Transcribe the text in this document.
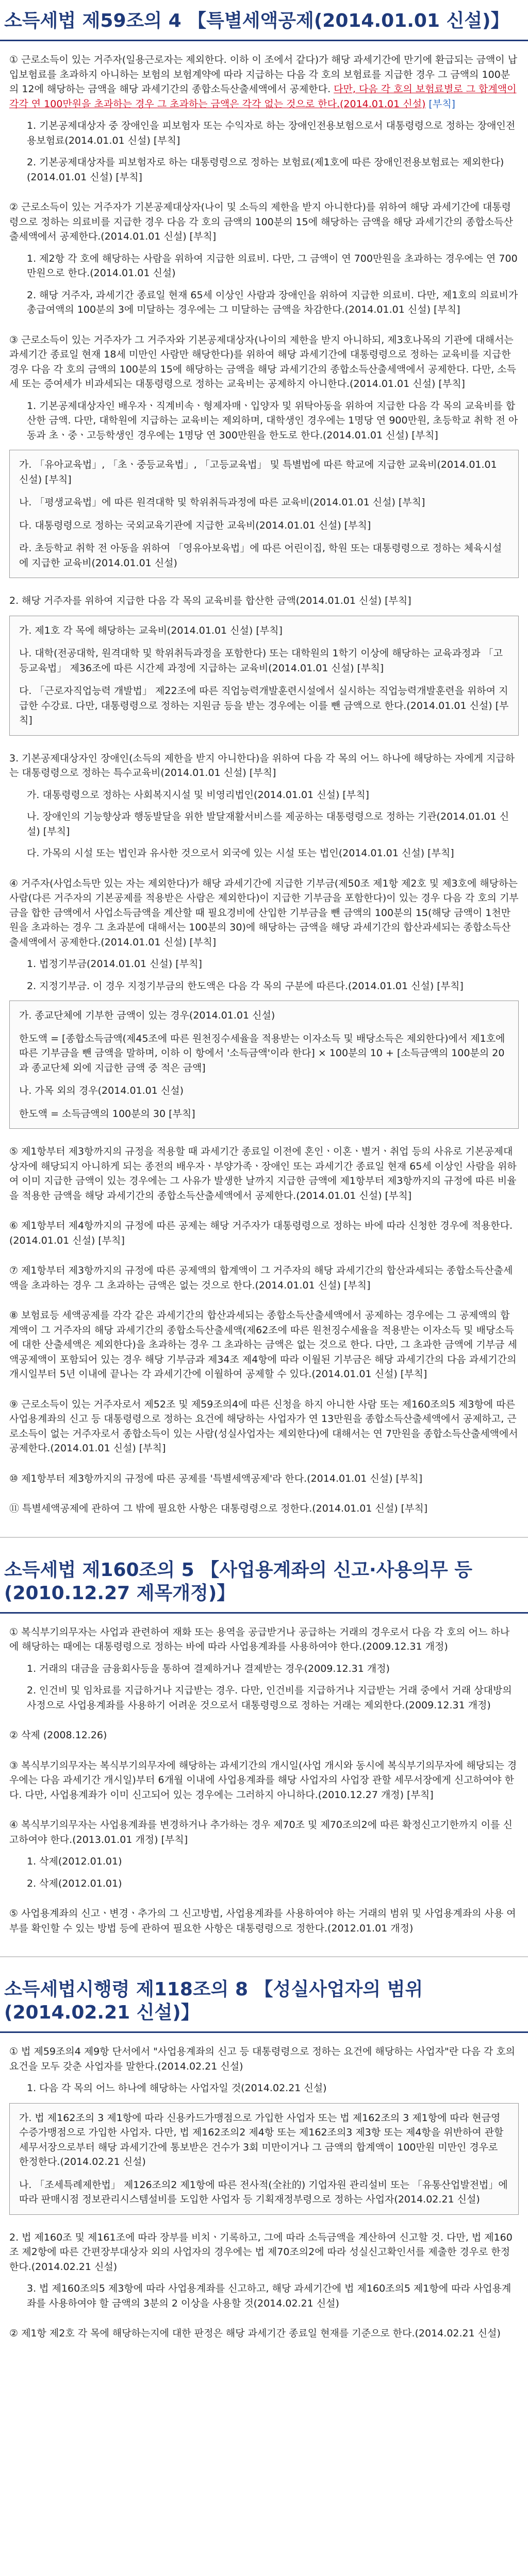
소득세법 제59조의 4 【특별세액공제(2014.01.01 신설)】
① 근로소득이 있는 거주자(일용근로자는 제외한다. 이하 이 조에서 같다)가 해당 과세기간에 만기에 환급되는 금액이 납입보험료를 초과하지 아니하는 보험의 보험계약에 따라 지급하는 다음 각 호의 보험료를 지급한 경우 그 금액의 100분의 12에 해당하는 금액을 해당 과세기간의 종합소득산출세액에서 공제한다. 다만, 다음 각 호의 보험료별로 그 합계액이 각각 연 100만원을 초과하는 경우 그 초과하는 금액은 각각 없는 것으로 한다.(2014.01.01 신설) [부칙]
1. 기본공제대상자 중 장애인을 피보험자 또는 수익자로 하는 장애인전용보험으로서 대통령령으로 정하는 장애인전용보험료(2014.01.01 신설) [부칙]
2. 기본공제대상자를 피보험자로 하는 대통령령으로 정하는 보험료(제1호에 따른 장애인전용보험료는 제외한다)(2014.01.01 신설) [부칙]
② 근로소득이 있는 거주자가 기본공제대상자(나이 및 소득의 제한을 받지 아니한다)를 위하여 해당 과세기간에 대통령령으로 정하는 의료비를 지급한 경우 다음 각 호의 금액의 100분의 15에 해당하는 금액을 해당 과세기간의 종합소득산출세액에서 공제한다.(2014.01.01 신설) [부칙]
1. 제2항 각 호에 해당하는 사람을 위하여 지급한 의료비. 다만, 그 금액이 연 700만원을 초과하는 경우에는 연 700만원으로 한다.(2014.01.01 신설)
2. 해당 거주자, 과세기간 종료일 현재 65세 이상인 사람과 장애인을 위하여 지급한 의료비. 다만, 제1호의 의료비가 총급여액의 100분의 3에 미달하는 경우에는 그 미달하는 금액을 차감한다.(2014.01.01 신설) [부칙]
③ 근로소득이 있는 거주자가 그 거주자와 기본공제대상자(나이의 제한을 받지 아니하되, 제3호나목의 기관에 대해서는 과세기간 종료일 현재 18세 미만인 사람만 해당한다)를 위하여 해당 과세기간에 대통령령으로 정하는 교육비를 지급한 경우 다음 각 호의 금액의 100분의 15에 해당하는 금액을 해당 과세기간의 종합소득산출세액에서 공제한다. 다만, 소득세 또는 증여세가 비과세되는 대통령령으로 정하는 교육비는 공제하지 아니한다.(2014.01.01 신설) [부칙]
1. 기본공제대상자인 배우자ㆍ직계비속ㆍ형제자매ㆍ입양자 및 위탁아동을 위하여 지급한 다음 각 목의 교육비를 합산한 금액. 다만, 대학원에 지급하는 교육비는 제외하며, 대학생인 경우에는 1명당 연 900만원, 초등학교 취학 전 아동과 초ㆍ중ㆍ고등학생인 경우에는 1명당 연 300만원을 한도로 한다.(2014.01.01 신설) [부칙]
가. 「유아교육법」, 「초ㆍ중등교육법」, 「고등교육법」 및 특별법에 따른 학교에 지급한 교육비(2014.01.01 신설) [부칙]
나. 「평생교육법」에 따른 원격대학 및 학위취득과정에 따른 교육비(2014.01.01 신설) [부칙]
다. 대통령령으로 정하는 국외교육기관에 지급한 교육비(2014.01.01 신설) [부칙]
라. 초등학교 취학 전 아동을 위하여 「영유아보육법」에 따른 어린이집, 학원 또는 대통령령으로 정하는 체육시설에 지급한 교육비(2014.01.01 신설)
2. 해당 거주자를 위하여 지급한 다음 각 목의 교육비를 합산한 금액(2014.01.01 신설) [부칙]
가. 제1호 각 목에 해당하는 교육비(2014.01.01 신설) [부칙]
나. 대학(전공대학, 원격대학 및 학위취득과정을 포함한다) 또는 대학원의 1학기 이상에 해당하는 교육과정과 「고등교육법」 제36조에 따른 시간제 과정에 지급하는 교육비(2014.01.01 신설) [부칙]
다. 「근로자직업능력 개발법」 제22조에 따른 직업능력개발훈련시설에서 실시하는 직업능력개발훈련을 위하여 지급한 수강료. 다만, 대통령령으로 정하는 지원금 등을 받는 경우에는 이를 뺀 금액으로 한다.(2014.01.01 신설) [부칙]
3. 기본공제대상자인 장애인(소득의 제한을 받지 아니한다)을 위하여 다음 각 목의 어느 하나에 해당하는 자에게 지급하는 대통령령으로 정하는 특수교육비(2014.01.01 신설) [부칙]
가. 대통령령으로 정하는 사회복지시설 및 비영리법인(2014.01.01 신설) [부칙]
나. 장애인의 기능향상과 행동발달을 위한 발달재활서비스를 제공하는 대통령령으로 정하는 기관(2014.01.01 신설) [부칙]
다. 가목의 시설 또는 법인과 유사한 것으로서 외국에 있는 시설 또는 법인(2014.01.01 신설) [부칙]
④ 거주자(사업소득만 있는 자는 제외한다)가 해당 과세기간에 지급한 기부금(제50조 제1항 제2호 및 제3호에 해당하는 사람(다른 거주자의 기본공제를 적용받은 사람은 제외한다)이 지급한 기부금을 포함한다)이 있는 경우 다음 각 호의 기부금을 합한 금액에서 사업소득금액을 계산할 때 필요경비에 산입한 기부금을 뺀 금액의 100분의 15(해당 금액이 1천만원을 초과하는 경우 그 초과분에 대해서는 100분의 30)에 해당하는 금액을 해당 과세기간의 합산과세되는 종합소득산출세액에서 공제한다.(2014.01.01 신설) [부칙]
1. 법정기부금(2014.01.01 신설) [부칙]
2. 지정기부금. 이 경우 지정기부금의 한도액은 다음 각 목의 구분에 따른다.(2014.01.01 신설) [부칙]
가. 종교단체에 기부한 금액이 있는 경우(2014.01.01 신설)
한도액 = [종합소득금액(제45조에 따른 원천징수세율을 적용받는 이자소득 및 배당소득은 제외한다)에서 제1호에 따른 기부금을 뺀 금액을 말하며, 이하 이 항에서 '소득금액'이라 한다] × 100분의 10 + [소득금액의 100분의 20과 종교단체 외에 지급한 금액 중 적은 금액]
나. 가목 외의 경우(2014.01.01 신설)
한도액 = 소득금액의 100분의 30 [부칙]
⑤ 제1항부터 제3항까지의 규정을 적용할 때 과세기간 종료일 이전에 혼인ㆍ이혼ㆍ별거ㆍ취업 등의 사유로 기본공제대상자에 해당되지 아니하게 되는 종전의 배우자ㆍ부양가족ㆍ장애인 또는 과세기간 종료일 현재 65세 이상인 사람을 위하여 이미 지급한 금액이 있는 경우에는 그 사유가 발생한 날까지 지급한 금액에 제1항부터 제3항까지의 규정에 따른 비율을 적용한 금액을 해당 과세기간의 종합소득산출세액에서 공제한다.(2014.01.01 신설) [부칙]
⑥ 제1항부터 제4항까지의 규정에 따른 공제는 해당 거주자가 대통령령으로 정하는 바에 따라 신청한 경우에 적용한다.(2014.01.01 신설) [부칙]
⑦ 제1항부터 제3항까지의 규정에 따른 공제액의 합계액이 그 거주자의 해당 과세기간의 합산과세되는 종합소득산출세액을 초과하는 경우 그 초과하는 금액은 없는 것으로 한다.(2014.01.01 신설) [부칙]
⑧ 보험료등 세액공제를 각각 같은 과세기간의 합산과세되는 종합소득산출세액에서 공제하는 경우에는 그 공제액의 합계액이 그 거주자의 해당 과세기간의 종합소득산출세액(제62조에 따른 원천징수세율을 적용받는 이자소득 및 배당소득에 대한 산출세액은 제외한다)을 초과하는 경우 그 초과하는 금액은 없는 것으로 한다. 다만, 그 초과한 금액에 기부금 세액공제액이 포함되어 있는 경우 해당 기부금과 제34조 제4항에 따라 이월된 기부금은 해당 과세기간의 다음 과세기간의 개시일부터 5년 이내에 끝나는 각 과세기간에 이월하여 공제할 수 있다.(2014.01.01 신설) [부칙]
⑨ 근로소득이 있는 거주자로서 제52조 및 제59조의4에 따른 신청을 하지 아니한 사람 또는 제160조의5 제3항에 따른 사업용계좌의 신고 등 대통령령으로 정하는 요건에 해당하는 사업자가 연 13만원을 종합소득산출세액에서 공제하고, 근로소득이 없는 거주자로서 종합소득이 있는 사람(성실사업자는 제외한다)에 대해서는 연 7만원을 종합소득산출세액에서 공제한다.(2014.01.01 신설) [부칙]
⑩ 제1항부터 제3항까지의 규정에 따른 공제를 '특별세액공제'라 한다.(2014.01.01 신설) [부칙]
⑪ 특별세액공제에 관하여 그 밖에 필요한 사항은 대통령령으로 정한다.(2014.01.01 신설) [부칙]
소득세법 제160조의 5 【사업용계좌의 신고·사용의무 등(2010.12.27 제목개정)】
① 복식부기의무자는 사업과 관련하여 재화 또는 용역을 공급받거나 공급하는 거래의 경우로서 다음 각 호의 어느 하나에 해당하는 때에는 대통령령으로 정하는 바에 따라 사업용계좌를 사용하여야 한다.(2009.12.31 개정)
1. 거래의 대금을 금융회사등을 통하여 결제하거나 결제받는 경우(2009.12.31 개정)
2. 인건비 및 임차료를 지급하거나 지급받는 경우. 다만, 인건비를 지급하거나 지급받는 거래 중에서 거래 상대방의 사정으로 사업용계좌를 사용하기 어려운 것으로서 대통령령으로 정하는 거래는 제외한다.(2009.12.31 개정)
② 삭제 (2008.12.26)
③ 복식부기의무자는 복식부기의무자에 해당하는 과세기간의 개시일(사업 개시와 동시에 복식부기의무자에 해당되는 경우에는 다음 과세기간 개시일)부터 6개월 이내에 사업용계좌를 해당 사업자의 사업장 관할 세무서장에게 신고하여야 한다. 다만, 사업용계좌가 이미 신고되어 있는 경우에는 그러하지 아니하다.(2010.12.27 개정) [부칙]
④ 복식부기의무자는 사업용계좌를 변경하거나 추가하는 경우 제70조 및 제70조의2에 따른 확정신고기한까지 이를 신고하여야 한다.(2013.01.01 개정) [부칙]
1. 삭제(2012.01.01)
2. 삭제(2012.01.01)
⑤ 사업용계좌의 신고ㆍ변경ㆍ추가의 그 신고방법, 사업용계좌를 사용하여야 하는 거래의 범위 및 사업용계좌의 사용 여부를 확인할 수 있는 방법 등에 관하여 필요한 사항은 대통령령으로 정한다.(2012.01.01 개정)
소득세법시행령 제118조의 8 【성실사업자의 범위(2014.02.21 신설)】
① 법 제59조의4 제9항 단서에서 "사업용계좌의 신고 등 대통령령으로 정하는 요건에 해당하는 사업자"란 다음 각 호의 요건을 모두 갖춘 사업자를 말한다.(2014.02.21 신설)
1. 다음 각 목의 어느 하나에 해당하는 사업자일 것(2014.02.21 신설)
가. 법 제162조의 3 제1항에 따라 신용카드가맹점으로 가입한 사업자 또는 법 제162조의 3 제1항에 따라 현금영수증가맹점으로 가입한 사업자. 다만, 법 제162조의2 제4항 또는 제162조의3 제3항 또는 제4항을 위반하여 관할 세무서장으로부터 해당 과세기간에 통보받은 건수가 3회 미만이거나 그 금액의 합계액이 100만원 미만인 경우로 한정한다.(2014.02.21 신설)
나. 「조세특례제한법」 제126조의2 제1항에 따른 전사적(全社的) 기업자원 관리설비 또는 「유통산업발전법」에 따라 판매시점 정보관리시스템설비를 도입한 사업자 등 기획재정부령으로 정하는 사업자(2014.02.21 신설)
2. 법 제160조 및 제161조에 따라 장부를 비치ㆍ기록하고, 그에 따라 소득금액을 계산하여 신고할 것. 다만, 법 제160조 제2항에 따른 간편장부대상자 외의 사업자의 경우에는 법 제70조의2에 따라 성실신고확인서를 제출한 경우로 한정한다.(2014.02.21 신설)
3. 법 제160조의5 제3항에 따라 사업용계좌를 신고하고, 해당 과세기간에 법 제160조의5 제1항에 따라 사업용계좌를 사용하여야 할 금액의 3분의 2 이상을 사용할 것(2014.02.21 신설)
② 제1항 제2호 각 목에 해당하는지에 대한 판정은 해당 과세기간 종료일 현재를 기준으로 한다.(2014.02.21 신설)
